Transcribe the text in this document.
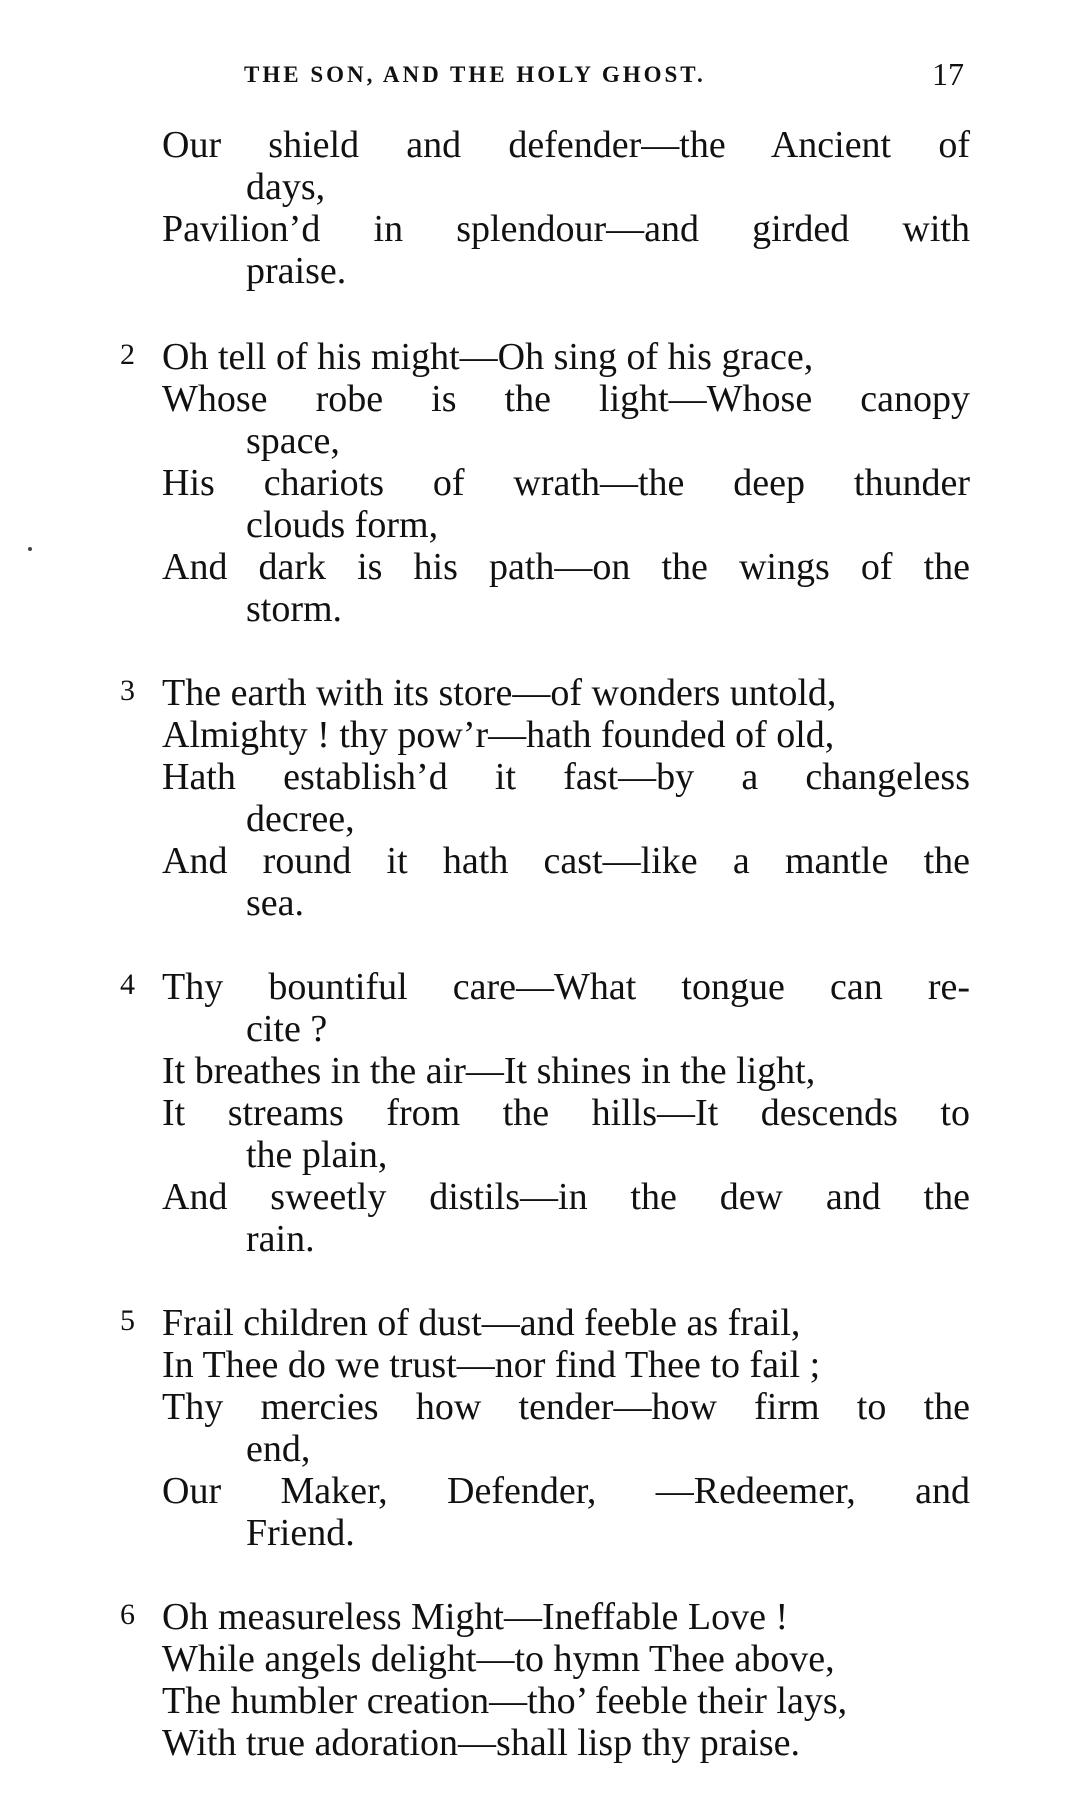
THE SON, AND THE HOLY GHOST.	17
Our shield and defender—the Ancient of
days,
Pavilion’d in splendour—and girded with
praise.
2 Oh tell of his might—Oh sing of his grace,
Whose robe is the light—Whose canopy
space,
His chariots of wrath—the deep thunder
clouds form,
And dark is his path—on the wings of the
storm.
3 The earth with its store—of wonders untold,
Almighty ! thy pow’r—hath founded of old,
Hath establish’d it fast—by a changeless
decree,
And round it hath cast—like a mantle the
sea.
4 Thy bountiful care—What tongue can re-
cite ?
It breathes in the air—It shines in the light,
It streams from the hills—It descends to
the plain,
And sweetly distils—in the dew and the
rain.
5 Frail children of dust—and feeble as frail,
In Thee do we trust—nor find Thee to fail ;
Thy mercies how tender—how firm to the
end,
Our Maker, Defender, —Redeemer, and
Friend.
6 Oh measureless Might—Ineffable Love !
While angels delight—to hymn Thee above,
The humbler creation—tho’ feeble their lays,
With true adoration—shall lisp thy praise.
